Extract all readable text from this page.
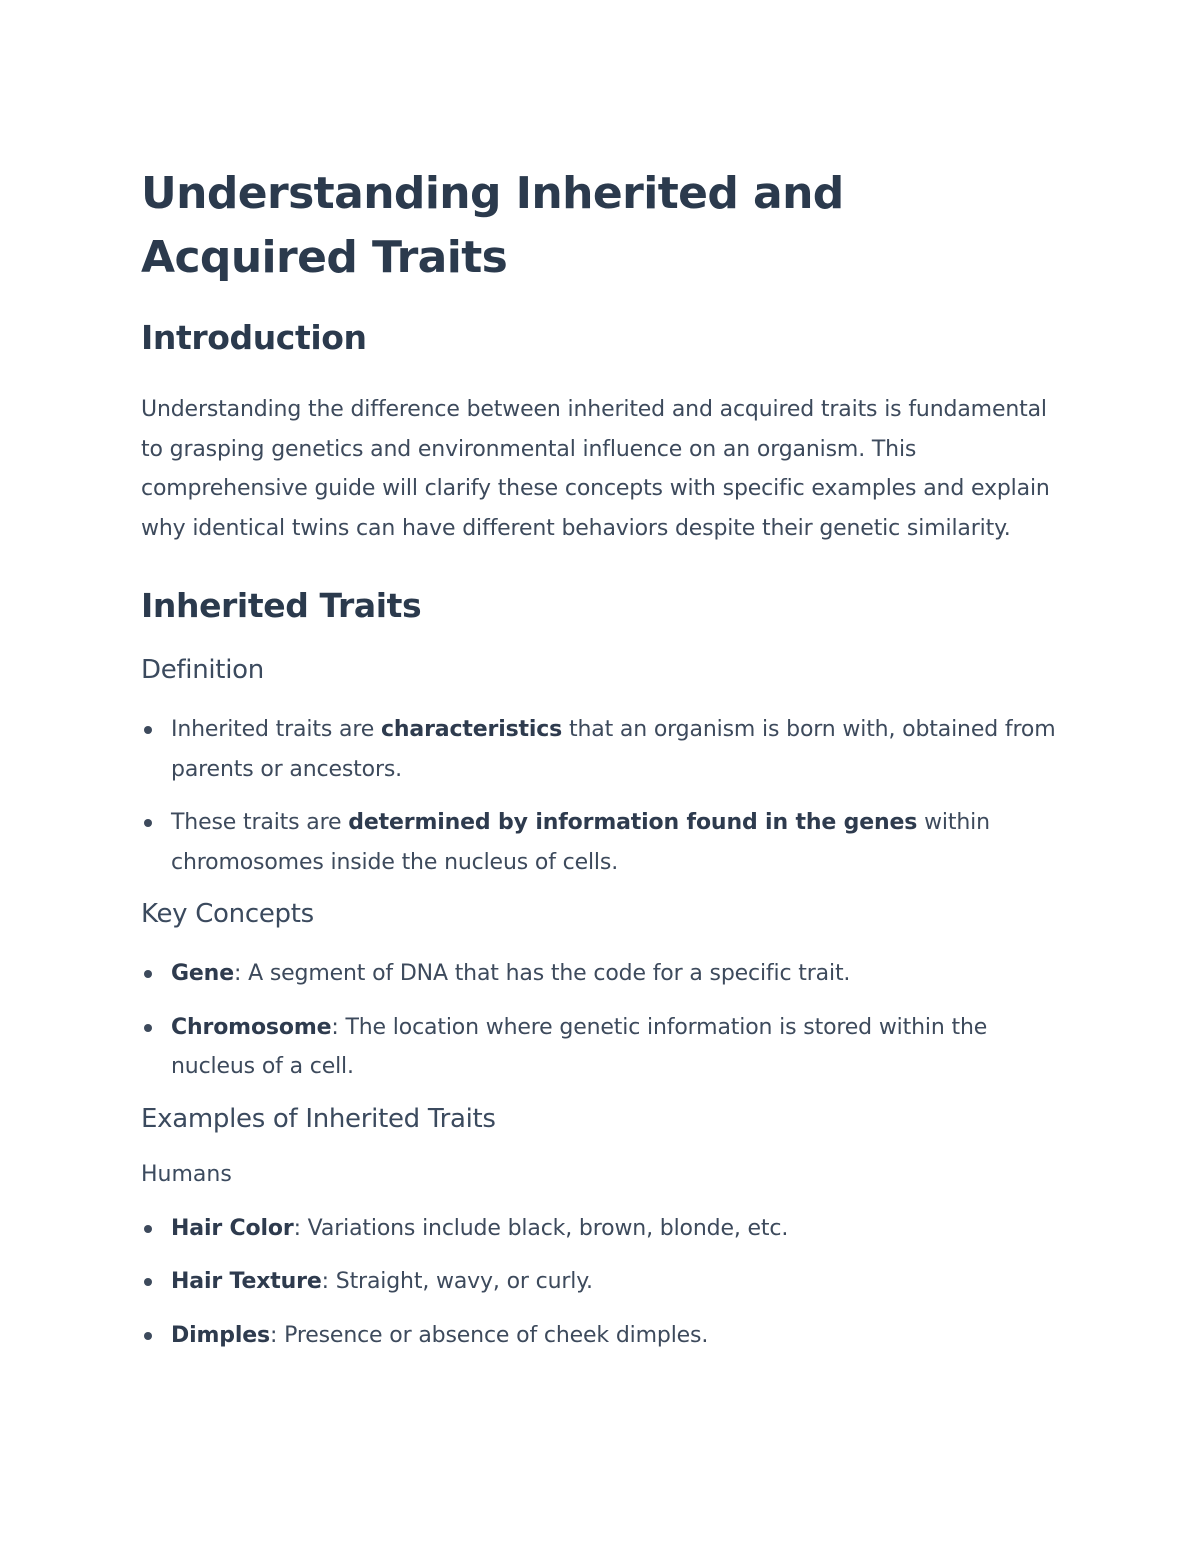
Understanding Inherited and Acquired Traits
Introduction

Understanding the difference between inherited and acquired traits is fundamental to grasping genetics and environmental influence on an organism. This comprehensive guide will clarify these concepts with specific examples and explain why identical twins can have different behaviors despite their genetic similarity.

Inherited Traits
Definition
Inherited traits are characteristics that an organism is born with, obtained from parents or ancestors.
These traits are determined by information found in the genes within chromosomes inside the nucleus of cells.
Key Concepts
Gene: A segment of DNA that has the code for a specific trait.
Chromosome: The location where genetic information is stored within the nucleus of a cell.
Examples of Inherited Traits
Humans
Hair Color: Variations include black, brown, blonde, etc.
Hair Texture: Straight, wavy, or curly.
Dimples: Presence or absence of cheek dimples.
